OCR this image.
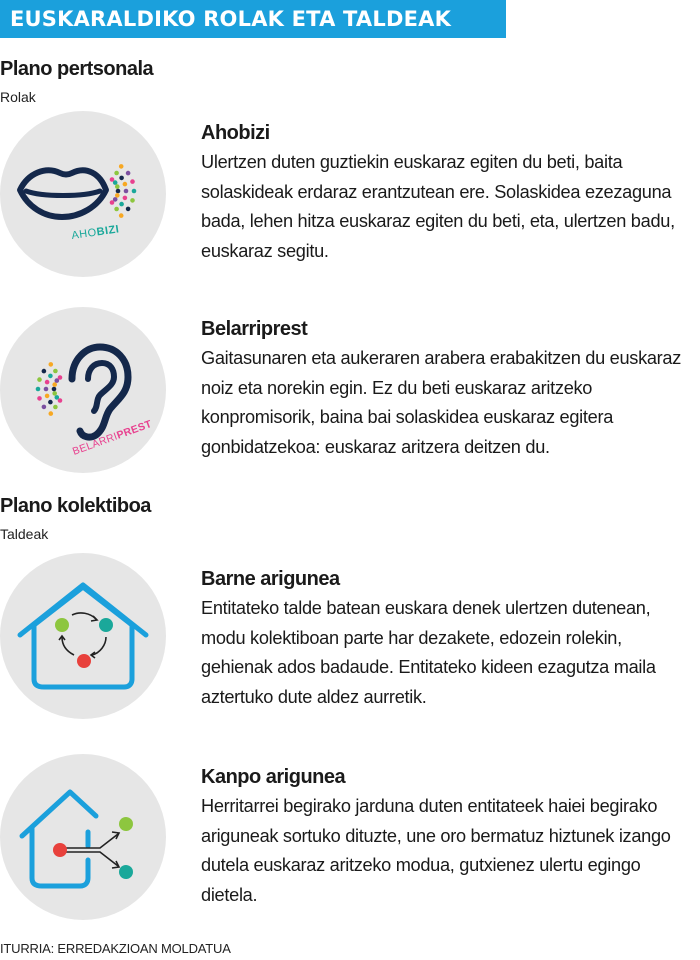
EUSKARALDIKO ROLAK ETA TALDEAK
Plano pertsonala
Rolak
AHOBIZI
Ahobizi
Ulertzen duten guztiekin euskaraz egiten du beti, baita solaskideak erdaraz erantzutean ere. Solaskidea ezezaguna bada, lehen hitza euskaraz egiten du beti, eta, ulertzen badu, euskaraz segitu.
BELARRIPREST
Belarriprest
Gaitasunaren eta aukeraren arabera erabakitzen du euskaraz noiz eta norekin egin. Ez du beti euskaraz aritzeko konpromisorik, baina bai solaskidea euskaraz egitera gonbidatzekoa: euskaraz aritzera deitzen du.
Plano kolektiboa
Taldeak
Barne arigunea
Entitateko talde batean euskara denek ulertzen dutenean, modu kolektiboan parte har dezakete, edozein rolekin, gehienak ados badaude. Entitateko kideen ezagutza maila aztertuko dute aldez aurretik.
Kanpo arigunea
Herritarrei begirako jarduna duten entitateek haiei begirako ariguneak sortuko dituzte, une oro bermatuz hiztunek izango dutela euskaraz aritzeko modua, gutxienez ulertu egingo dietela.
ITURRIA: ERREDAKZIOAN MOLDATUA
